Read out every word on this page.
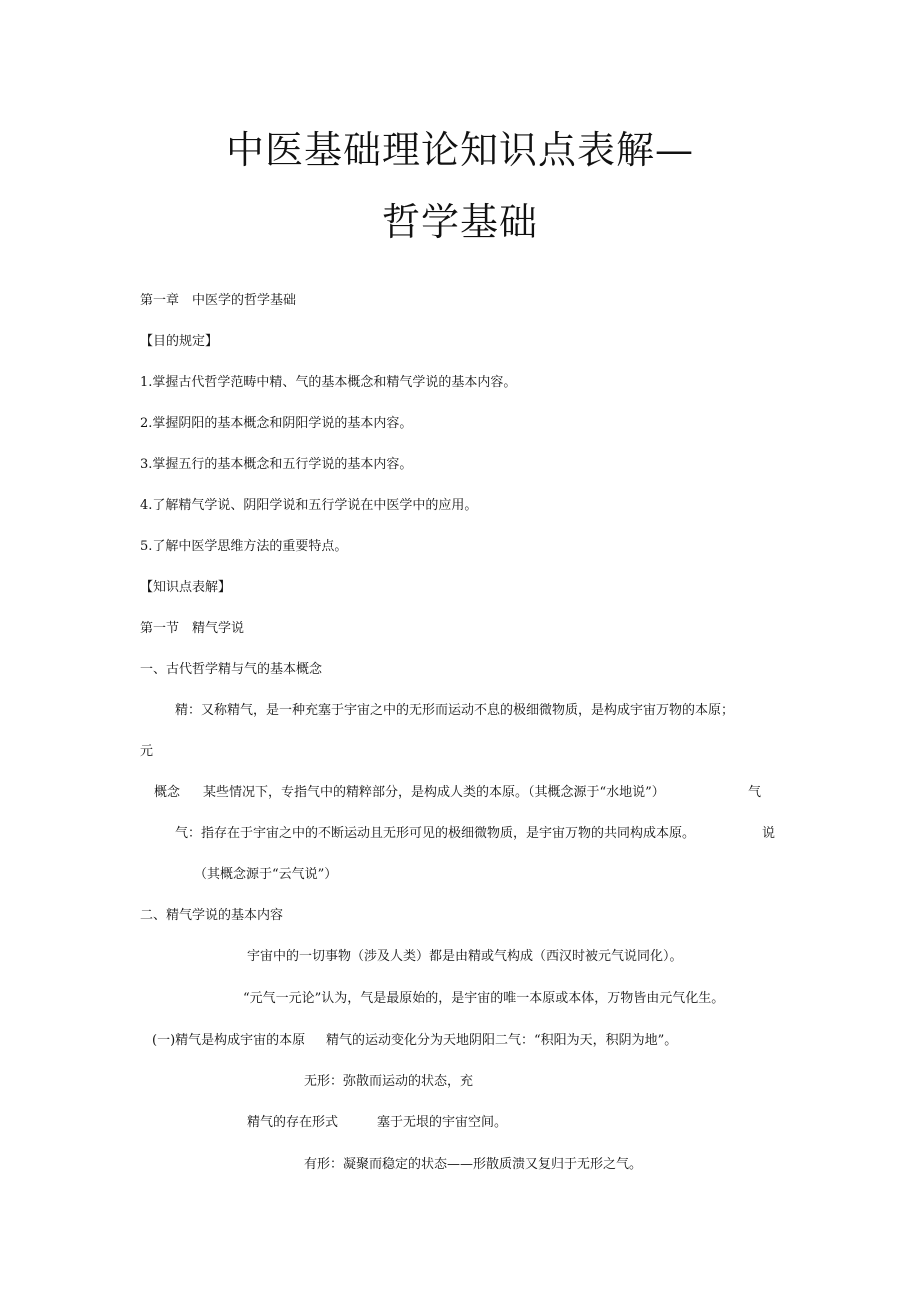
中医基础理论知识点表解—
哲学基础

第一章　中医学的哲学基础

【目的规定】

1.掌握古代哲学范畴中精、气的基本概念和精气学说的基本内容。

2.掌握阴阳的基本概念和阴阳学说的基本内容。

3.掌握五行的基本概念和五行学说的基本内容。

4.了解精气学说、阴阳学说和五行学说在中医学中的应用。

5.了解中医学思维方法的重要特点。

【知识点表解】

第一节　精气学说

一、古代哲学精与气的基本概念

精：又称精气，是一种充塞于宇宙之中的无形而运动不息的极细微物质，是构成宇宙万物的本原；

元

概念 某些情况下，专指气中的精粹部分，是构成人类的本原。（其概念源于“水地说”）	气

气：指存在于宇宙之中的不断运动且无形可见的极细微物质，是宇宙万物的共同构成本原。	说

（其概念源于“云气说”）

二、精气学说的基本内容

宇宙中的一切事物（涉及人类）都是由精或气构成（西汉时被元气说同化）。

“元气一元论”认为，气是最原始的，是宇宙的唯一本原或本体，万物皆由元气化生。

(一)精气是构成宇宙的本原 精气的运动变化分为天地阴阳二气：“积阳为天，积阴为地”。

无形：弥散而运动的状态，充

精气的存在形式	塞于无垠的宇宙空间。

有形：凝聚而稳定的状态——形散质溃又复归于无形之气。
